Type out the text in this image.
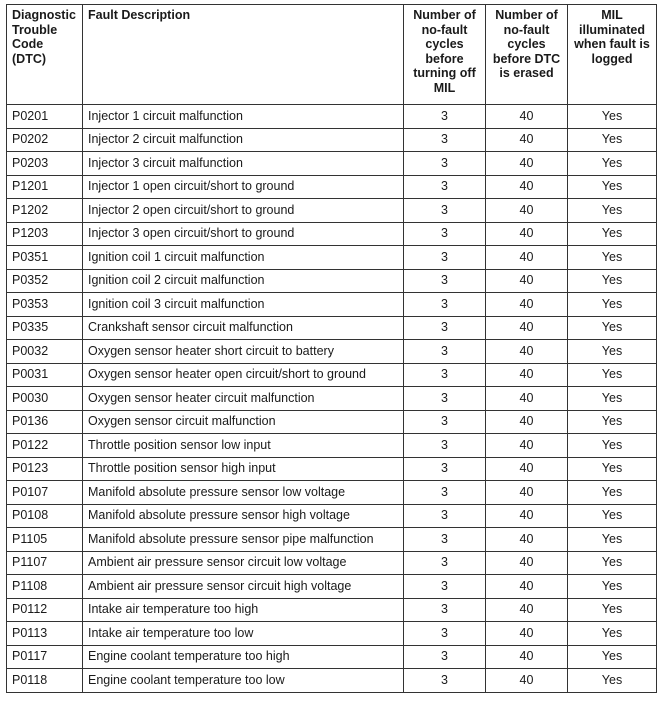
Diagnostic Trouble Code (DTC)	Fault Description	Number of no-fault cycles before turning off MIL	Number of no-fault cycles before DTC is erased	MIL illuminated when fault is logged
P0201	Injector 1 circuit malfunction	3	40	Yes
P0202	Injector 2 circuit malfunction	3	40	Yes
P0203	Injector 3 circuit malfunction	3	40	Yes
P1201	Injector 1 open circuit/short to ground	3	40	Yes
P1202	Injector 2 open circuit/short to ground	3	40	Yes
P1203	Injector 3 open circuit/short to ground	3	40	Yes
P0351	Ignition coil 1 circuit malfunction	3	40	Yes
P0352	Ignition coil 2 circuit malfunction	3	40	Yes
P0353	Ignition coil 3 circuit malfunction	3	40	Yes
P0335	Crankshaft sensor circuit malfunction	3	40	Yes
P0032	Oxygen sensor heater short circuit to battery	3	40	Yes
P0031	Oxygen sensor heater open circuit/short to ground	3	40	Yes
P0030	Oxygen sensor heater circuit malfunction	3	40	Yes
P0136	Oxygen sensor circuit malfunction	3	40	Yes
P0122	Throttle position sensor low input	3	40	Yes
P0123	Throttle position sensor high input	3	40	Yes
P0107	Manifold absolute pressure sensor low voltage	3	40	Yes
P0108	Manifold absolute pressure sensor high voltage	3	40	Yes
P1105	Manifold absolute pressure sensor pipe malfunction	3	40	Yes
P1107	Ambient air pressure sensor circuit low voltage	3	40	Yes
P1108	Ambient air pressure sensor circuit high voltage	3	40	Yes
P0112	Intake air temperature too high	3	40	Yes
P0113	Intake air temperature too low	3	40	Yes
P0117	Engine coolant temperature too high	3	40	Yes
P0118	Engine coolant temperature too low	3	40	Yes
